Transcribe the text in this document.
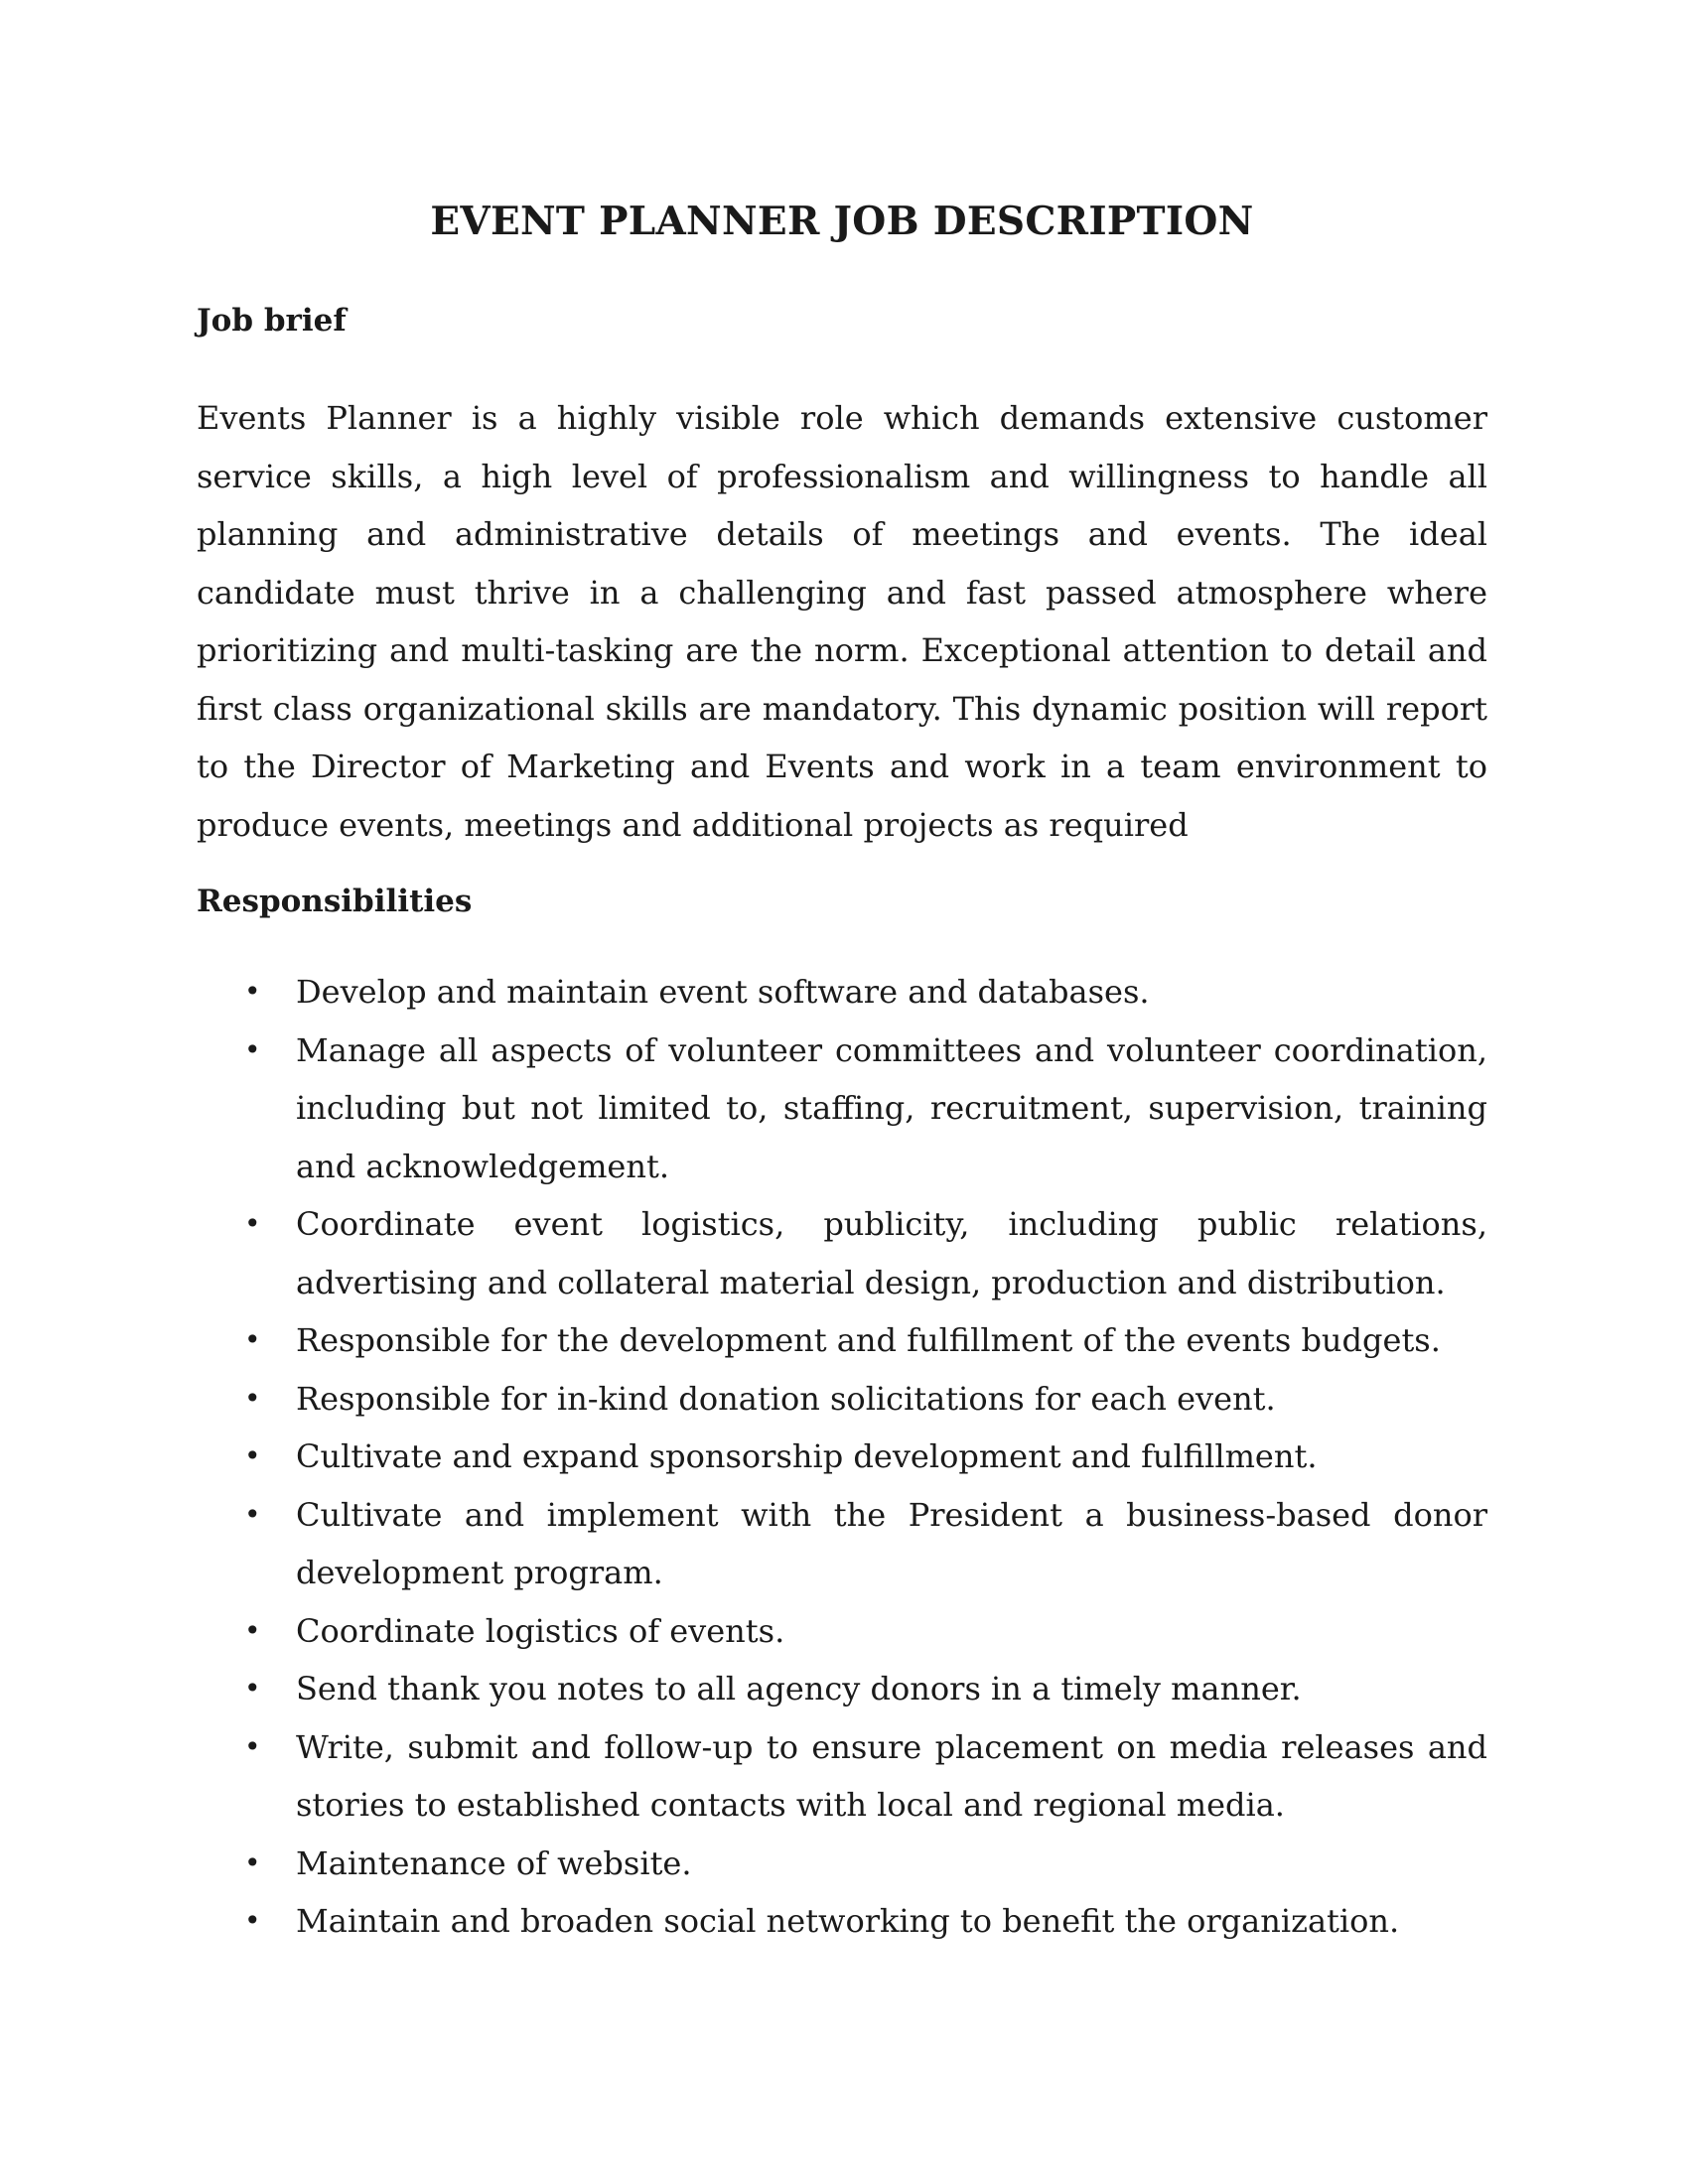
EVENT PLANNER JOB DESCRIPTION
Job brief

Events Planner is a highly visible role which demands extensive customer service skills, a high level of professionalism and willingness to handle all planning and administrative details of meetings and events. The ideal candidate must thrive in a challenging and fast passed atmosphere where prioritizing and multi-tasking are the norm. Exceptional attention to detail and first class organizational skills are mandatory. This dynamic position will report to the Director of Marketing and Events and work in a team environment to produce events, meetings and additional projects as required

Responsibilities
• Develop and maintain event software and databases.
• Manage all aspects of volunteer committees and volunteer coordination, including but not limited to, staffing, recruitment, supervision, training and acknowledgement.
• Coordinate event logistics, publicity, including public relations, advertising and collateral material design, production and distribution.
• Responsible for the development and fulfillment of the events budgets.
• Responsible for in-kind donation solicitations for each event.
• Cultivate and expand sponsorship development and fulfillment.
• Cultivate and implement with the President a business-based donor development program.
• Coordinate logistics of events.
• Send thank you notes to all agency donors in a timely manner.
• Write, submit and follow-up to ensure placement on media releases and stories to established contacts with local and regional media.
• Maintenance of website.
• Maintain and broaden social networking to benefit the organization.
